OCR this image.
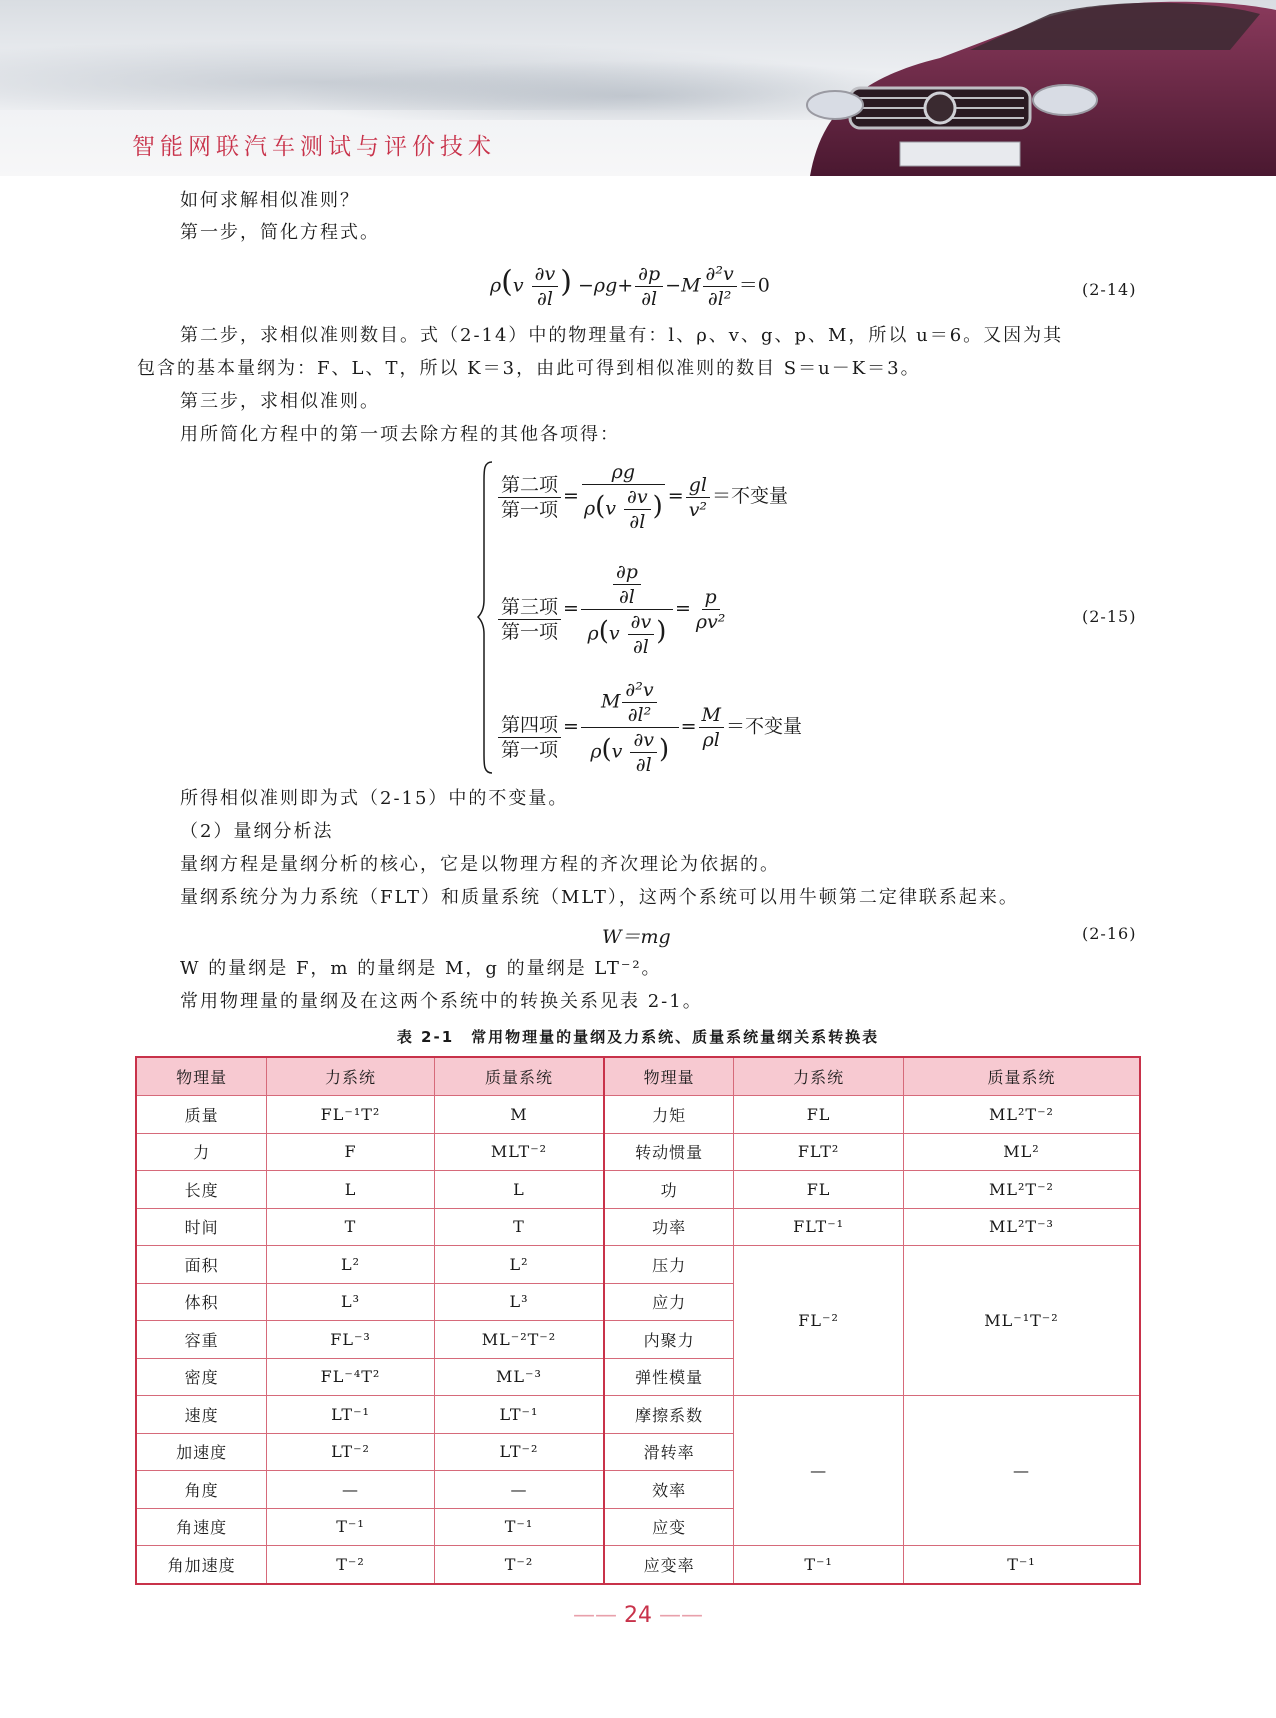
智能网联汽车测试与评价技术
如何求解相似准则？
第一步，简化方程式。
$\rho(v \frac{\partial v}{\partial l}$ ) $-\rho g+ \frac{\partial p}{\partial l} -M \frac{\text{∂²v}}{\text{∂l²}} =0$	(2-14)
第二步，求相似准则数目。式（2-14）中的物理量有：l、ρ、v、g、p、M，所以 u＝6。又因为其
包含的基本量纲为：F、L、T，所以 K＝3，由此可得到相似准则的数目 S＝u－K＝3。
第三步，求相似准则。
用所简化方程中的第一项去除方程的其他各项得：
$\frac{\text{第二项}}{\text{第一项}} = \frac{\rho g}{\rho(v \frac{\partial v}{\partial l} )} = \frac{gl}{\text{v²}}$ ＝不变量
$\frac{\text{第三项}}{\text{第一项}} = \frac{\frac{\partial p}{\partial l}}{\rho(v \frac{\partial v}{\partial l} )} = \frac{p}{\text{ρv²}}$	(2-15)
$\frac{\text{第四项}}{\text{第一项}} = \frac{M \frac{\text{∂²v}}{\text{∂l²}}}{\rho(v \frac{\partial v}{\partial l} )} = \frac{M}{\rho l}$ ＝不变量
所得相似准则即为式（2-15）中的不变量。
（2）量纲分析法
量纲方程是量纲分析的核心，它是以物理方程的齐次理论为依据的。
量纲系统分为力系统（FLT）和质量系统（MLT），这两个系统可以用牛顿第二定律联系起来。
W＝mg	(2-16)
W 的量纲是 F，m 的量纲是 M，g 的量纲是 LT⁻²。
常用物理量的量纲及在这两个系统中的转换关系见表 2-1。
表 2-1　常用物理量的量纲及力系统、质量系统量纲关系转换表
物理量	力系统	质量系统	物理量	力系统	质量系统
质量	FL⁻¹T²	M	力矩	FL	ML²T⁻²
力	F	MLT⁻²	转动惯量	FLT²	ML²
长度	L	L	功	FL	ML²T⁻²
时间	T	T	功率	FLT⁻¹	ML²T⁻³
面积	L²	L²	压力	FL⁻²	ML⁻¹T⁻²
体积	L³	L³	应力		
容重	FL⁻³	ML⁻²T⁻²	内聚力		
密度	FL⁻⁴T²	ML⁻³	弹性模量		
速度	LT⁻¹	LT⁻¹	摩擦系数	—	—
加速度	LT⁻²	LT⁻²	滑转率		
角度	—	—	效率		
角速度	T⁻¹	T⁻¹	应变		
角加速度	T⁻²	T⁻²	应变率	T⁻¹	T⁻¹
—— 24 ——
